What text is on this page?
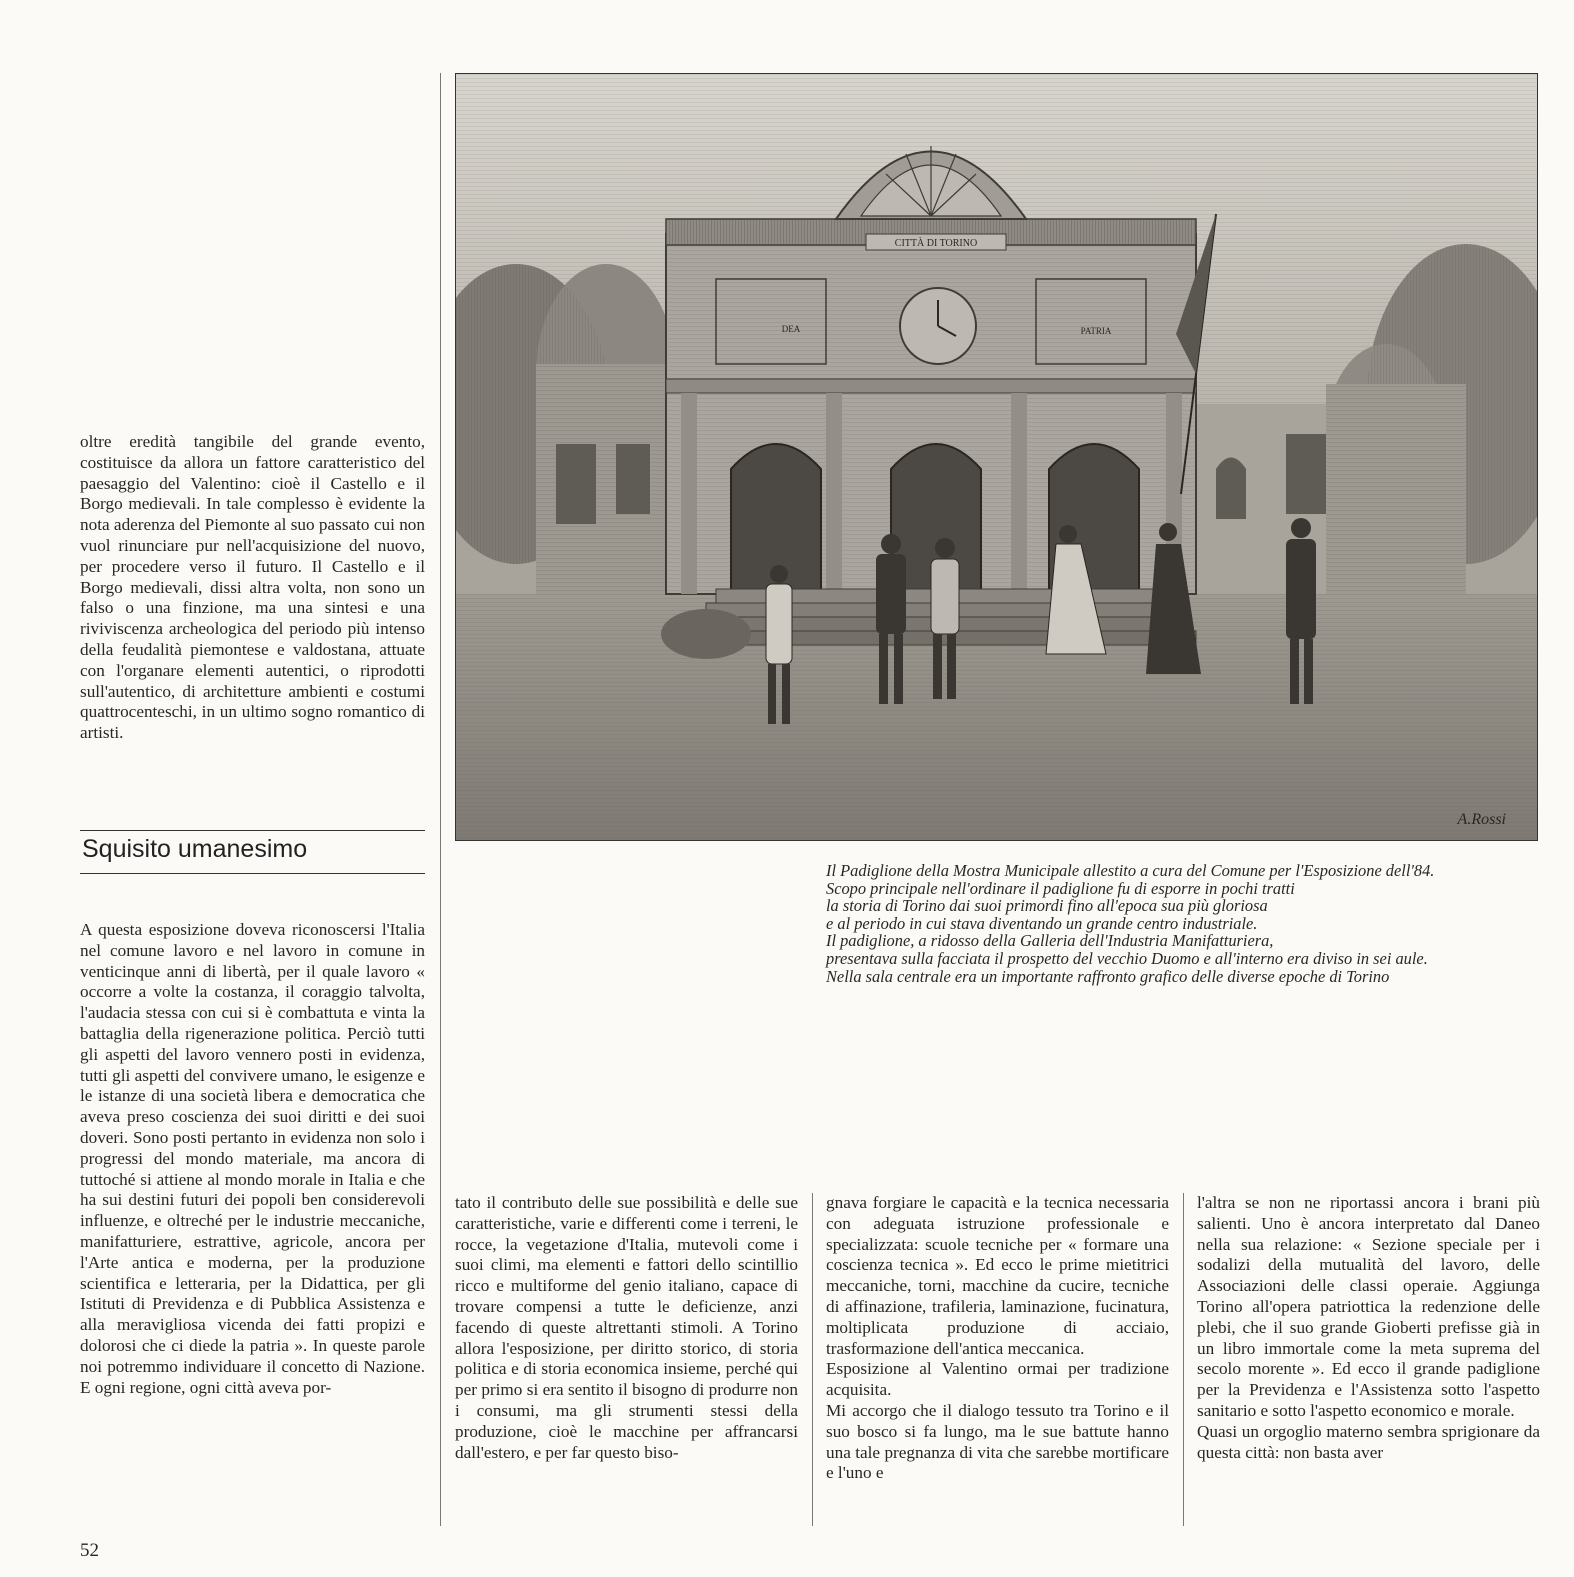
oltre eredità tangibile del grande evento, costituisce da allora un fattore caratteristico del paesaggio del Valentino: cioè il Castello e il Borgo medievali. In tale complesso è evidente la nota aderenza del Piemonte al suo passato cui non vuol rinunciare pur nell'acquisizione del nuovo, per procedere verso il futuro. Il Castello e il Borgo medievali, dissi altra volta, non sono un falso o una finzione, ma una sintesi e una riviviscenza archeologica del periodo più intenso della feudalità piemontese e valdostana, attuate con l'organare elementi autentici, o riprodotti sull'autentico, di architetture ambienti e costumi quattrocenteschi, in un ultimo sogno romantico di artisti.

Squisito umanesimo

A questa esposizione doveva riconoscersi l'Italia nel comune lavoro e nel lavoro in comune in venticinque anni di libertà, per il quale lavoro « occorre a volte la costanza, il coraggio talvolta, l'audacia stessa con cui si è combattuta e vinta la battaglia della rigenerazione politica. Perciò tutti gli aspetti del lavoro vennero posti in evidenza, tutti gli aspetti del convivere umano, le esigenze e le istanze di una società libera e democratica che aveva preso coscienza dei suoi diritti e dei suoi doveri. Sono posti pertanto in evidenza non solo i progressi del mondo materiale, ma ancora di tuttoché si attiene al mondo morale in Italia e che ha sui destini futuri dei popoli ben considerevoli influenze, e oltreché per le industrie meccaniche, manifatturiere, estrattive, agricole, ancora per l'Arte antica e moderna, per la produzione scientifica e letteraria, per la Didattica, per gli Istituti di Previdenza e di Pubblica Assistenza e alla meravigliosa vicenda dei fatti propizi e dolorosi che ci diede la patria ». In queste parole noi potremmo individuare il concetto di Nazione. E ogni regione, ogni città aveva por-

tato il contributo delle sue possibilità e delle sue caratteristiche, varie e differenti come i terreni, le rocce, la vegetazione d'Italia, mutevoli come i suoi climi, ma elementi e fattori dello scintillio ricco e multiforme del genio italiano, capace di trovare compensi a tutte le deficienze, anzi facendo di queste altrettanti stimoli. A Torino allora l'esposizione, per diritto storico, di storia politica e di storia economica insieme, perché qui per primo si era sentito il bisogno di produrre non i consumi, ma gli strumenti stessi della produzione, cioè le macchine per affrancarsi dall'estero, e per far questo biso-

gnava forgiare le capacità e la tecnica necessaria con adeguata istruzione professionale e specializzata: scuole tecniche per « formare una coscienza tecnica ». Ed ecco le prime mietitrici meccaniche, torni, macchine da cucire, tecniche di affinazione, trafileria, laminazione, fucinatura, moltiplicata produzione di acciaio, trasformazione dell'antica meccanica.

Esposizione al Valentino ormai per tradizione acquisita.

Mi accorgo che il dialogo tessuto tra Torino e il suo bosco si fa lungo, ma le sue battute hanno una tale pregnanza di vita che sarebbe mortificare e l'uno e

l'altra se non ne riportassi ancora i brani più salienti. Uno è ancora interpretato dal Daneo nella sua relazione: « Sezione speciale per i sodalizi della mutualità del lavoro, delle Associazioni delle classi operaie. Aggiunga Torino all'opera patriottica la redenzione delle plebi, che il suo grande Gioberti prefisse già in un libro immortale come la meta suprema del secolo morente ». Ed ecco il grande padiglione per la Previdenza e l'Assistenza sotto l'aspetto sanitario e sotto l'aspetto economico e morale.

Quasi un orgoglio materno sembra sprigionare da questa città: non basta aver

CITTÀ DI TORINO
DEA	PATRIA
A.Rossi

Il Padiglione della Mostra Municipale allestito a cura del Comune per l'Esposizione dell'84.

Scopo principale nell'ordinare il padiglione fu di esporre in pochi tratti

la storia di Torino dai suoi primordi fino all'epoca sua più gloriosa

e al periodo in cui stava diventando un grande centro industriale.

Il padiglione, a ridosso della Galleria dell'Industria Manifatturiera,

presentava sulla facciata il prospetto del vecchio Duomo e all'interno era diviso in sei aule.

Nella sala centrale era un importante raffronto grafico delle diverse epoche di Torino

52
